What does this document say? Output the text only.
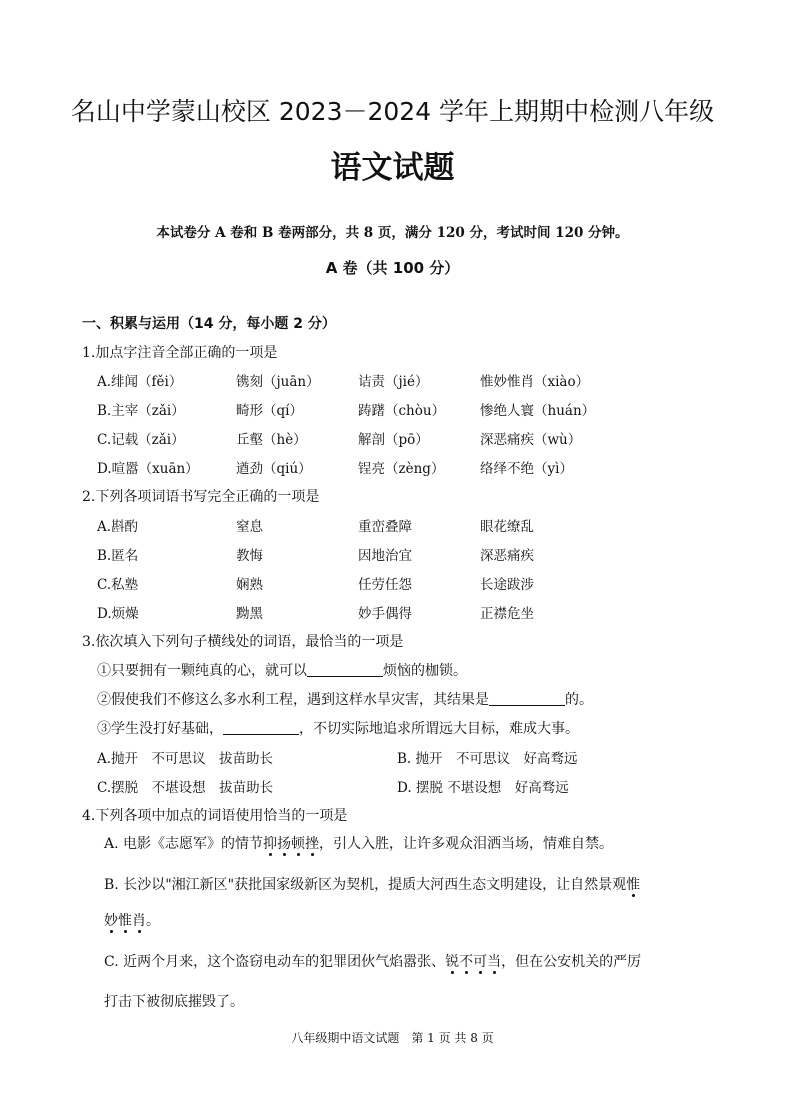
名山中学蒙山校区 2023－2024 学年上期期中检测八年级
语文试题
本试卷分 A 卷和 B 卷两部分，共 8 页，满分 120 分，考试时间 120 分钟。
A 卷（共 100 分）
一、积累与运用（14 分，每小题 2 分）
1.加点字注音全部正确的一项是
A.绯闻（fěi）	镌刻（juān）	诘责（jié）	惟妙惟肖（xiào）
B.主宰（zǎi）	畸形（qí）	踌躇（chòu）	惨绝人寰（huán）
C.记载（zǎi）	丘壑（hè）	解剖（pō）	深恶痛疾（wù）
D.喧嚣（xuān）	遒劲（qiú）	锃亮（zèng）	络绎不绝（yì）
2.下列各项词语书写完全正确的一项是
A.斟酌	窒息	重峦叠障	眼花缭乱
B.匿名	教悔	因地治宜	深恶痛疾
C.私塾	娴熟	任劳任怨	长途跋涉
D.烦燥	黝黑	妙手偶得	正襟危坐
3.依次填入下列句子横线处的词语，最恰当的一项是
①只要拥有一颗纯真的心，就可以	烦恼的枷锁。
②假使我们不修这么多水利工程，遇到这样水旱灾害，其结果是	的。
③学生没打好基础，	，不切实际地追求所谓远大目标，难成大事。
A.抛开　不可思议　拔苗助长	B. 抛开　不可思议　好高骛远
C.摆脱　不堪设想　拔苗助长	D. 摆脱 不堪设想　好高骛远
4.下列各项中加点的词语使用恰当的一项是
A. 电影《志愿军》的情节抑扬顿挫，引人入胜，让许多观众泪洒当场，情难自禁。
B. 长沙以"湘江新区"获批国家级新区为契机，提质大河西生态文明建设，让自然景观惟
妙惟肖。
C. 近两个月来，这个盗窃电动车的犯罪团伙气焰嚣张、锐不可当，但在公安机关的严厉
打击下被彻底摧毁了。
八年级期中语文试题　第 1 页 共 8 页
